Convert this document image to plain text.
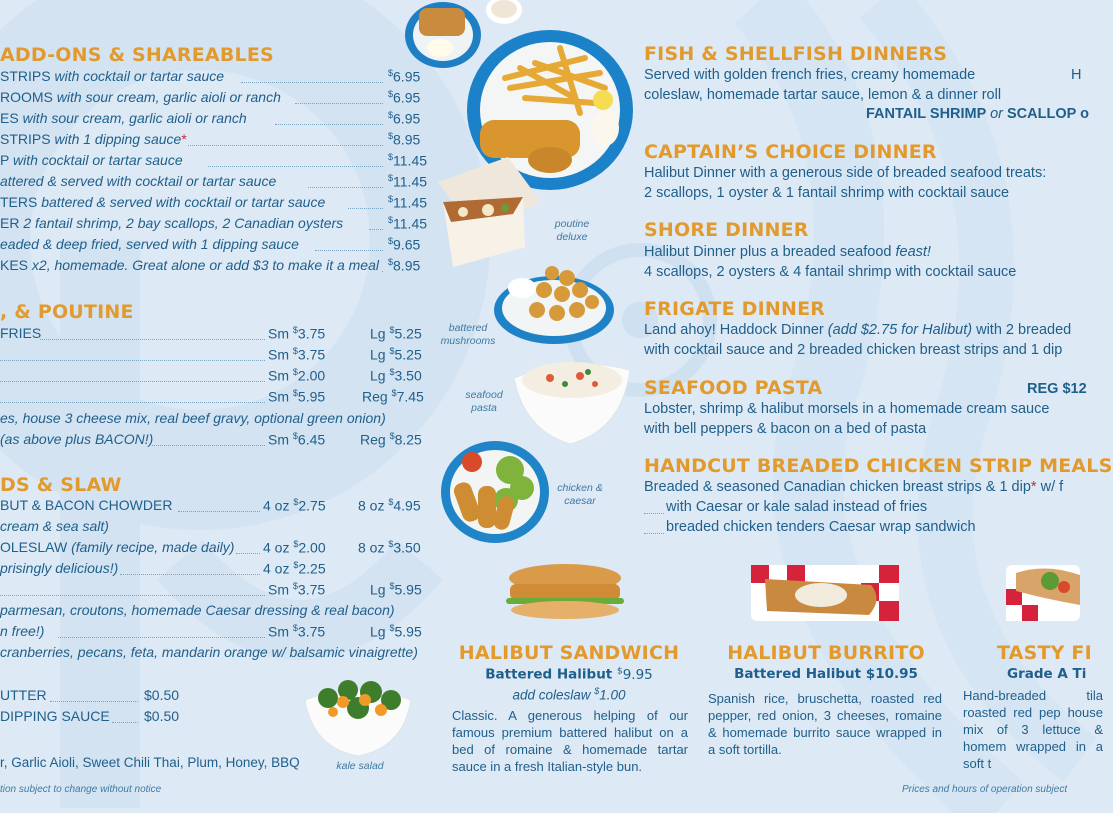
ADD-ONS & SHAREABLES
STRIPS with cocktail or tartar sauce	$6.95
ROOMS with sour cream, garlic aioli or ranch	$6.95
ES with sour cream, garlic aioli or ranch	$6.95
STRIPS with 1 dipping sauce*	$8.95
P with cocktail or tartar sauce	$11.45
attered & served with cocktail or tartar sauce	$11.45
TERS battered & served with cocktail or tartar sauce	$11.45
ER 2 fantail shrimp, 2 bay scallops, 2 Canadian oysters	$11.45
eaded & deep fried, served with 1 dipping sauce	$9.65
KES x2, homemade. Great alone or add $3 to make it a meal $8.95
, & POUTINE
FRIES	Sm $3.75	Lg $5.25
Sm $3.75	Lg $5.25
Sm $2.00	Lg $3.50
Sm $5.95	Reg $7.45
es, house 3 cheese mix, real beef gravy, optional green onion)
(as above plus BACON!)	Sm $6.45 Reg $8.25
DS & SLAW
BUT & BACON CHOWDER	4 oz $2.75 8 oz $4.95
cream & sea salt)
OLESLAW (family recipe, made daily) 4 oz $2.00 8 oz $3.50
prisingly delicious!)	4 oz $2.25
Sm $3.75	Lg $5.95
parmesan, croutons, homemade Caesar dressing & real bacon)
n free!)	Sm $3.75	Lg $5.95
cranberries, pecans, feta, mandarin orange w/ balsamic vinaigrette)
UTTER	$0.50
DIPPING SAUCE $0.50
r, Garlic Aioli, Sweet Chili Thai, Plum, Honey, BBQ
tion subject to change without notice
poutine deluxe
battered mushrooms
seafood pasta
chicken & caesar
kale salad
FISH & SHELLFISH DINNERS
Served with golden french fries, creamy homemade	H
coleslaw, homemade tartar sauce, lemon & a dinner roll
FANTAIL SHRIMP or SCALLOP o
CAPTAIN’S CHOICE DINNER
Halibut Dinner with a generous side of breaded seafood treats:
2 scallops, 1 oyster & 1 fantail shrimp with cocktail sauce
SHORE DINNER
Halibut Dinner plus a breaded seafood feast!
4 scallops, 2 oysters & 4 fantail shrimp with cocktail sauce
FRIGATE DINNER
Land ahoy! Haddock Dinner (add $2.75 for Halibut) with 2 breaded
with cocktail sauce and 2 breaded chicken breast strips and 1 dip
SEAFOOD PASTA	REG $12
Lobster, shrimp & halibut morsels in a homemade cream sauce
with bell peppers & bacon on a bed of pasta
HANDCUT BREADED CHICKEN STRIP MEALS
Breaded & seasoned Canadian chicken breast strips & 1 dip* w/ f
with Caesar or kale salad instead of fries
breaded chicken tenders Caesar wrap sandwich
HALIBUT SANDWICH
Battered Halibut $9.95
add coleslaw $1.00
Classic. A generous helping of our famous premium battered halibut on a bed of romaine & homemade tartar sauce in a fresh Italian-style bun.
HALIBUT BURRITO
Battered Halibut $10.95
Spanish rice, bruschetta, roasted red pepper, red onion, 3 cheeses, romaine & homemade burrito sauce wrapped in a soft tortilla.
TASTY FI
Grade A Ti
Hand-breaded tila roasted red pep house mix of 3 lettuce & homem wrapped in a soft t
Prices and hours of operation subject
